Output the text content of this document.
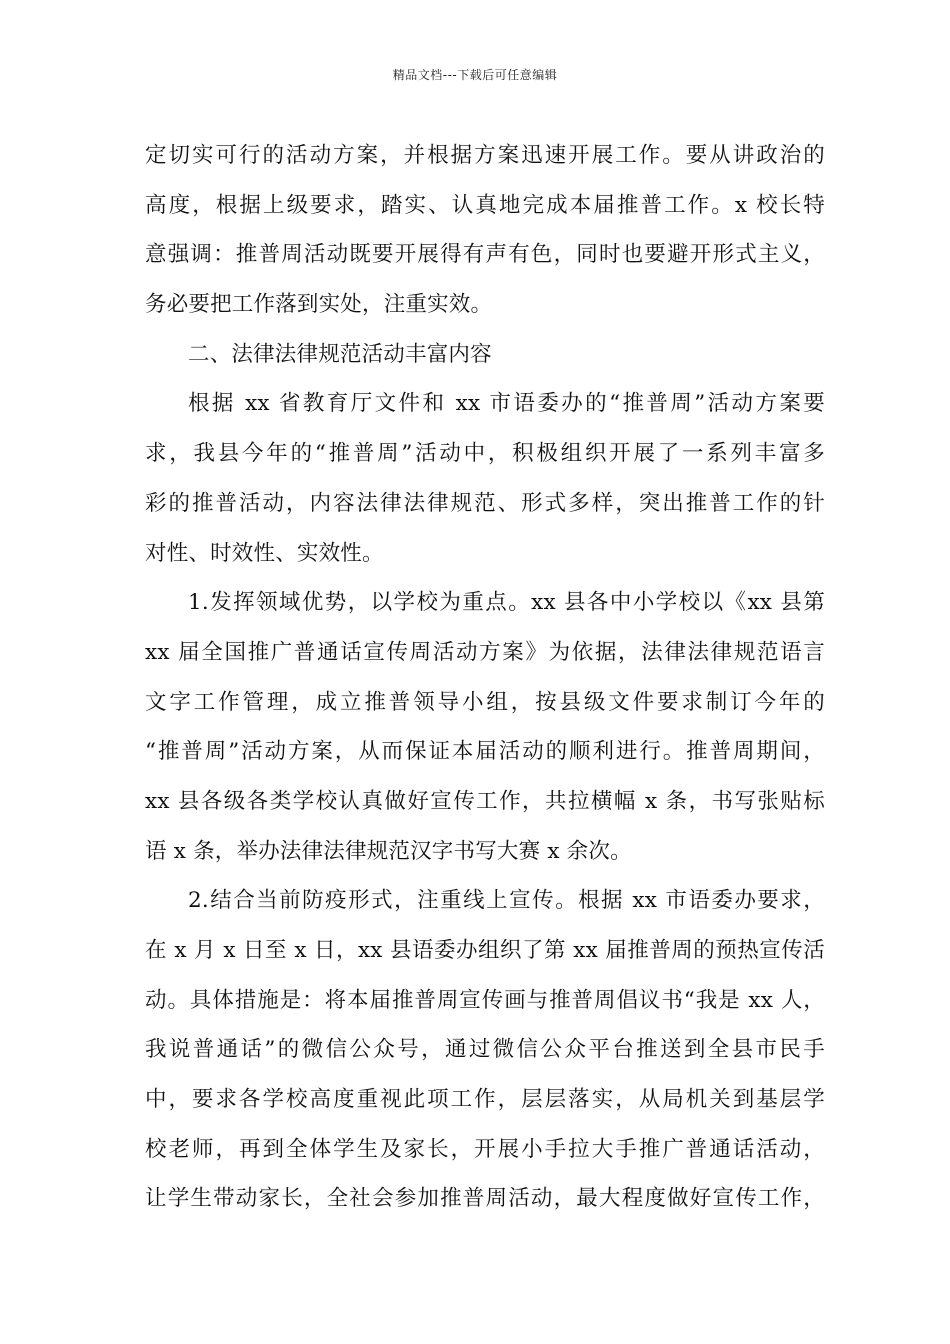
精品文档---下载后可任意编辑
定切实可行的活动方案，并根据方案迅速开展工作。要从讲政治的
高度，根据上级要求，踏实、认真地完成本届推普工作。x 校长特
意强调：推普周活动既要开展得有声有色，同时也要避开形式主义，
务必要把工作落到实处，注重实效。
二、法律法律规范活动丰富内容
根据 xx 省教育厅文件和 xx 市语委办的“推普周”活动方案要
求，我县今年的“推普周”活动中，积极组织开展了一系列丰富多
彩的推普活动，内容法律法律规范、形式多样，突出推普工作的针
对性、时效性、实效性。
1.发挥领域优势，以学校为重点。xx 县各中小学校以《xx 县第
xx 届全国推广普通话宣传周活动方案》为依据，法律法律规范语言
文字工作管理，成立推普领导小组，按县级文件要求制订今年的
“推普周”活动方案，从而保证本届活动的顺利进行。推普周期间，
xx 县各级各类学校认真做好宣传工作，共拉横幅 x 条，书写张贴标
语 x 条，举办法律法律规范汉字书写大赛 x 余次。
2.结合当前防疫形式，注重线上宣传。根据 xx 市语委办要求，
在 x 月 x 日至 x 日，xx 县语委办组织了第 xx 届推普周的预热宣传活
动。具体措施是：将本届推普周宣传画与推普周倡议书“我是 xx 人，
我说普通话”的微信公众号，通过微信公众平台推送到全县市民手
中，要求各学校高度重视此项工作，层层落实，从局机关到基层学
校老师，再到全体学生及家长，开展小手拉大手推广普通话活动，
让学生带动家长，全社会参加推普周活动，最大程度做好宣传工作，
